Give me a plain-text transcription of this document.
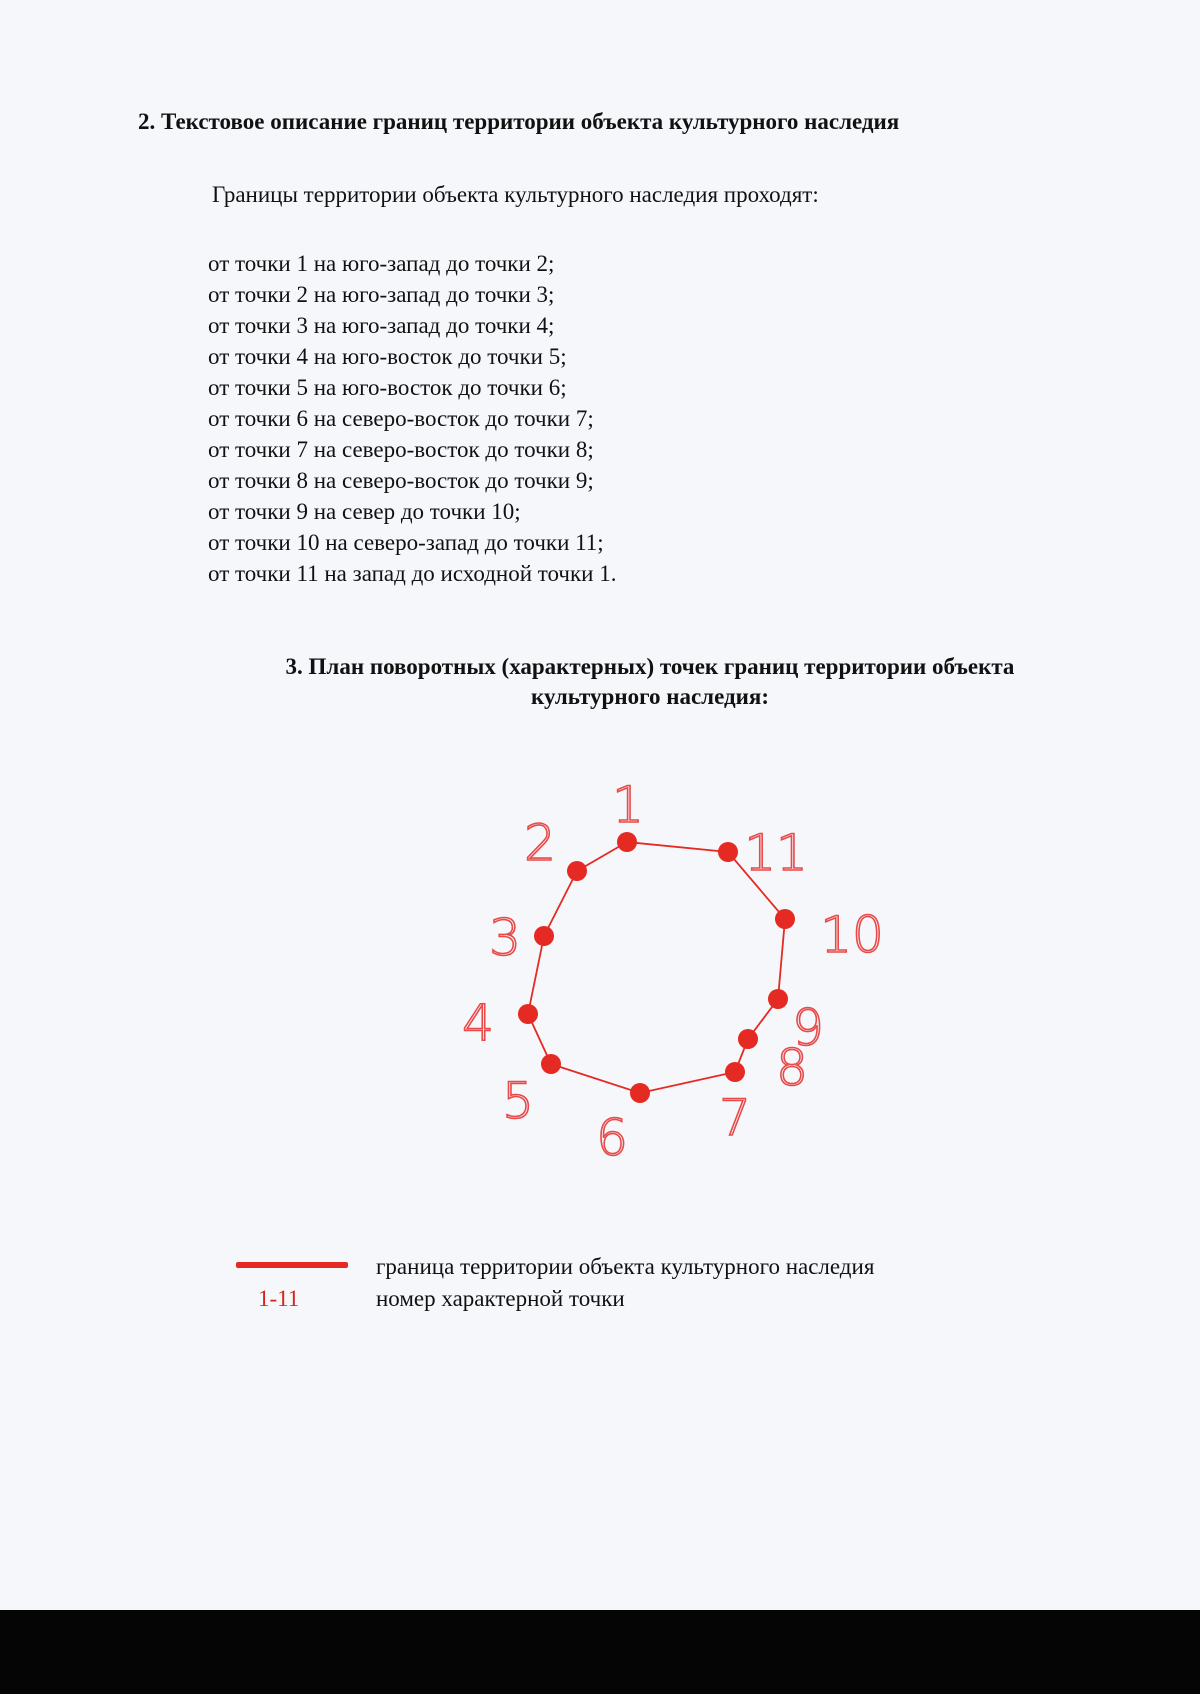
2. Текстовое описание границ территории объекта культурного наследия
Границы территории объекта культурного наследия проходят:
от точки 1 на юго-запад до точки 2;
от точки 2 на юго-запад до точки 3;
от точки 3 на юго-запад до точки 4;
от точки 4 на юго-восток до точки 5;
от точки 5 на юго-восток до точки 6;
от точки 6 на северо-восток до точки 7;
от точки 7 на северо-восток до точки 8;
от точки 8 на северо-восток до точки 9;
от точки 9 на север до точки 10;
от точки 10 на северо-запад до точки 11;
от точки 11 на запад до исходной точки 1.
3. План поворотных (характерных) точек границ территории объекта
культурного наследия:
1
2
3
4
5
6 7
8
9
10
11
1-11
граница территории объекта культурного наследия
номер характерной точки
